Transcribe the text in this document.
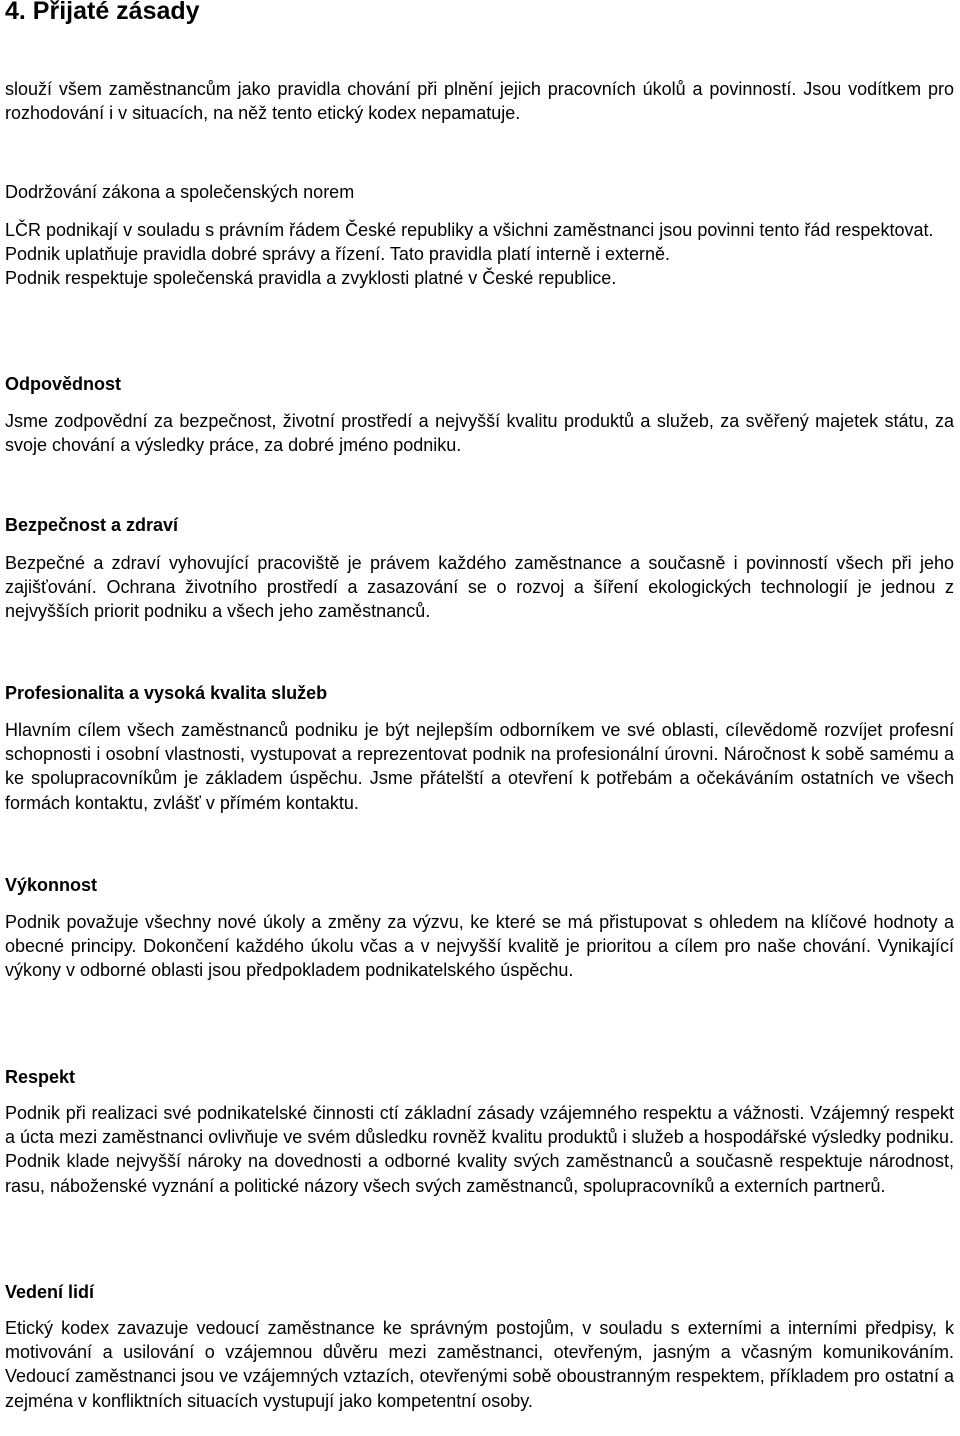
4. Přijaté zásady

slouží všem zaměstnancům jako pravidla chování při plnění jejich pracovních úkolů a povinností. Jsou vodítkem pro rozhodování i v situacích, na něž tento etický kodex nepamatuje.

Dodržování zákona a společenských norem
LČR podnikají v souladu s právním řádem České republiky a všichni zaměstnanci jsou povinni tento řád respektovat.
Podnik uplatňuje pravidla dobré správy a řízení. Tato pravidla platí interně i externě.
Podnik respektuje společenská pravidla a zvyklosti platné v České republice.
Odpovědnost

Jsme zodpovědní za bezpečnost, životní prostředí a nejvyšší kvalitu produktů a služeb, za svěřený majetek státu, za svoje chování a výsledky práce, za dobré jméno podniku.

Bezpečnost a zdraví

Bezpečné a zdraví vyhovující pracoviště je právem každého zaměstnance a současně i povinností všech při jeho zajišťování. Ochrana životního prostředí a zasazování se o rozvoj a šíření ekologických technologií je jednou z nejvyšších priorit podniku a všech jeho zaměstnanců.

Profesionalita a vysoká kvalita služeb

Hlavním cílem všech zaměstnanců podniku je být nejlepším odborníkem ve své oblasti, cílevědomě rozvíjet profesní schopnosti i osobní vlastnosti, vystupovat a reprezentovat podnik na profesionální úrovni. Náročnost k sobě samému a ke spolupracovníkům je základem úspěchu. Jsme přátelští a otevření k potřebám a očekáváním ostatních ve všech formách kontaktu, zvlášť v přímém kontaktu.

Výkonnost

Podnik považuje všechny nové úkoly a změny za výzvu, ke které se má přistupovat s ohledem na klíčové hodnoty a obecné principy. Dokončení každého úkolu včas a v nejvyšší kvalitě je prioritou a cílem pro naše chování. Vynikající výkony v odborné oblasti jsou předpokladem podnikatelského úspěchu.

Respekt

Podnik při realizaci své podnikatelské činnosti ctí základní zásady vzájemného respektu a vážnosti. Vzájemný respekt a úcta mezi zaměstnanci ovlivňuje ve svém důsledku rovněž kvalitu produktů i služeb a hospodářské výsledky podniku. Podnik klade nejvyšší nároky na dovednosti a odborné kvality svých zaměstnanců a současně respektuje národnost, rasu, náboženské vyznání a politické názory všech svých zaměstnanců, spolupracovníků a externích partnerů.

Vedení lidí

Etický kodex zavazuje vedoucí zaměstnance ke správným postojům, v souladu s externími a interními předpisy, k motivování a usilování o vzájemnou důvěru mezi zaměstnanci, otevřeným, jasným a včasným komunikováním. Vedoucí zaměstnanci jsou ve vzájemných vztazích, otevřenými sobě oboustranným respektem, příkladem pro ostatní a zejména v konfliktních situacích vystupují jako kompetentní osoby.
